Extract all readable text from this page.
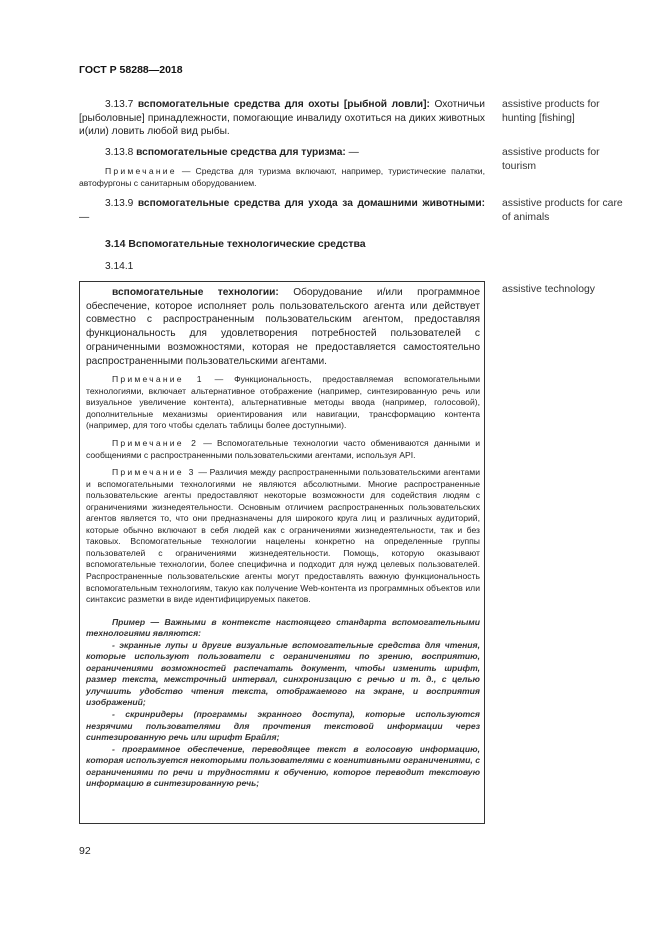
ГОСТ Р 58288—2018
3.13.7 вспомогательные средства для охоты [рыбной ловли]: Охотничьи [рыболовные] принадлежности, помогающие инвалиду охотиться на диких животных и(или) ловить любой вид рыбы.
assistive products for hunting [fishing]
3.13.8 вспомогательные средства для туризма: —
Примечание — Средства для туризма включают, например, туристические палатки, автофургоны с санитарным оборудованием.
assistive products for tourism
3.13.9 вспомогательные средства для ухода за домашними животными: —
assistive products for care of animals
3.14 Вспомогательные технологические средства
3.14.1

вспомогательные технологии: Оборудование и/или программное обеспечение, которое исполняет роль пользовательского агента или действует совместно с распространенным пользовательским агентом, предоставляя функциональность для удовлетворения потребностей пользователей с ограниченными возможностями, которая не предоставляется самостоятельно распространенными пользовательскими агентами.

Примечание 1 — Функциональность, предоставляемая вспомогательными технологиями, включает альтернативное отображение (например, синтезированную речь или визуальное увеличение контента), альтернативные методы ввода (например, голосовой), дополнительные механизмы ориентирования или навигации, трансформацию контента (например, для того чтобы сделать таблицы более доступными).

Примечание 2 — Вспомогательные технологии часто обмениваются данными и сообщениями с распространенными пользовательскими агентами, используя API.

Примечание 3 — Различия между распространенными пользовательскими агентами и вспомогательными технологиями не являются абсолютными. Многие распространенные пользовательские агенты предоставляют некоторые возможности для содействия людям с ограничениями жизнедеятельности. Основным отличием распространенных пользовательских агентов является то, что они предназначены для широкого круга лиц и различных аудиторий, которые обычно включают в себя людей как с ограничениями жизнедеятельности, так и без таковых. Вспомогательные технологии нацелены конкретно на определенные группы пользователей с ограничениями жизнедеятельности. Помощь, которую оказывают вспомогательные технологии, более специфична и подходит для нужд целевых пользователей. Распространенные пользовательские агенты могут предоставлять важную функциональность вспомогательным технологиям, такую как получение Web-контента из программных объектов или синтаксис разметки в виде идентифицируемых пакетов.

Пример — Важными в контексте настоящего стандарта вспомогательными технологиями являются:

- экранные лупы и другие визуальные вспомогательные средства для чтения, которые используют пользователи с ограничениями по зрению, восприятию, ограничениями возможностей распечатать документ, чтобы изменить шрифт, размер текста, межстрочный интервал, синхронизацию с речью и т. д., с целью улучшить удобство чтения текста, отображаемого на экране, и восприятия изображений;

- скринридеры (программы экранного доступа), которые используются незрячими пользователями для прочтения текстовой информации через синтезированную речь или шрифт Брайля;

- программное обеспечение, переводящее текст в голосовую информацию, которая используется некоторыми пользователями с когнитивными ограничениями, с ограничениями по речи и трудностями к обучению, которое переводит текстовую информацию в синтезированную речь;

assistive technology
92
